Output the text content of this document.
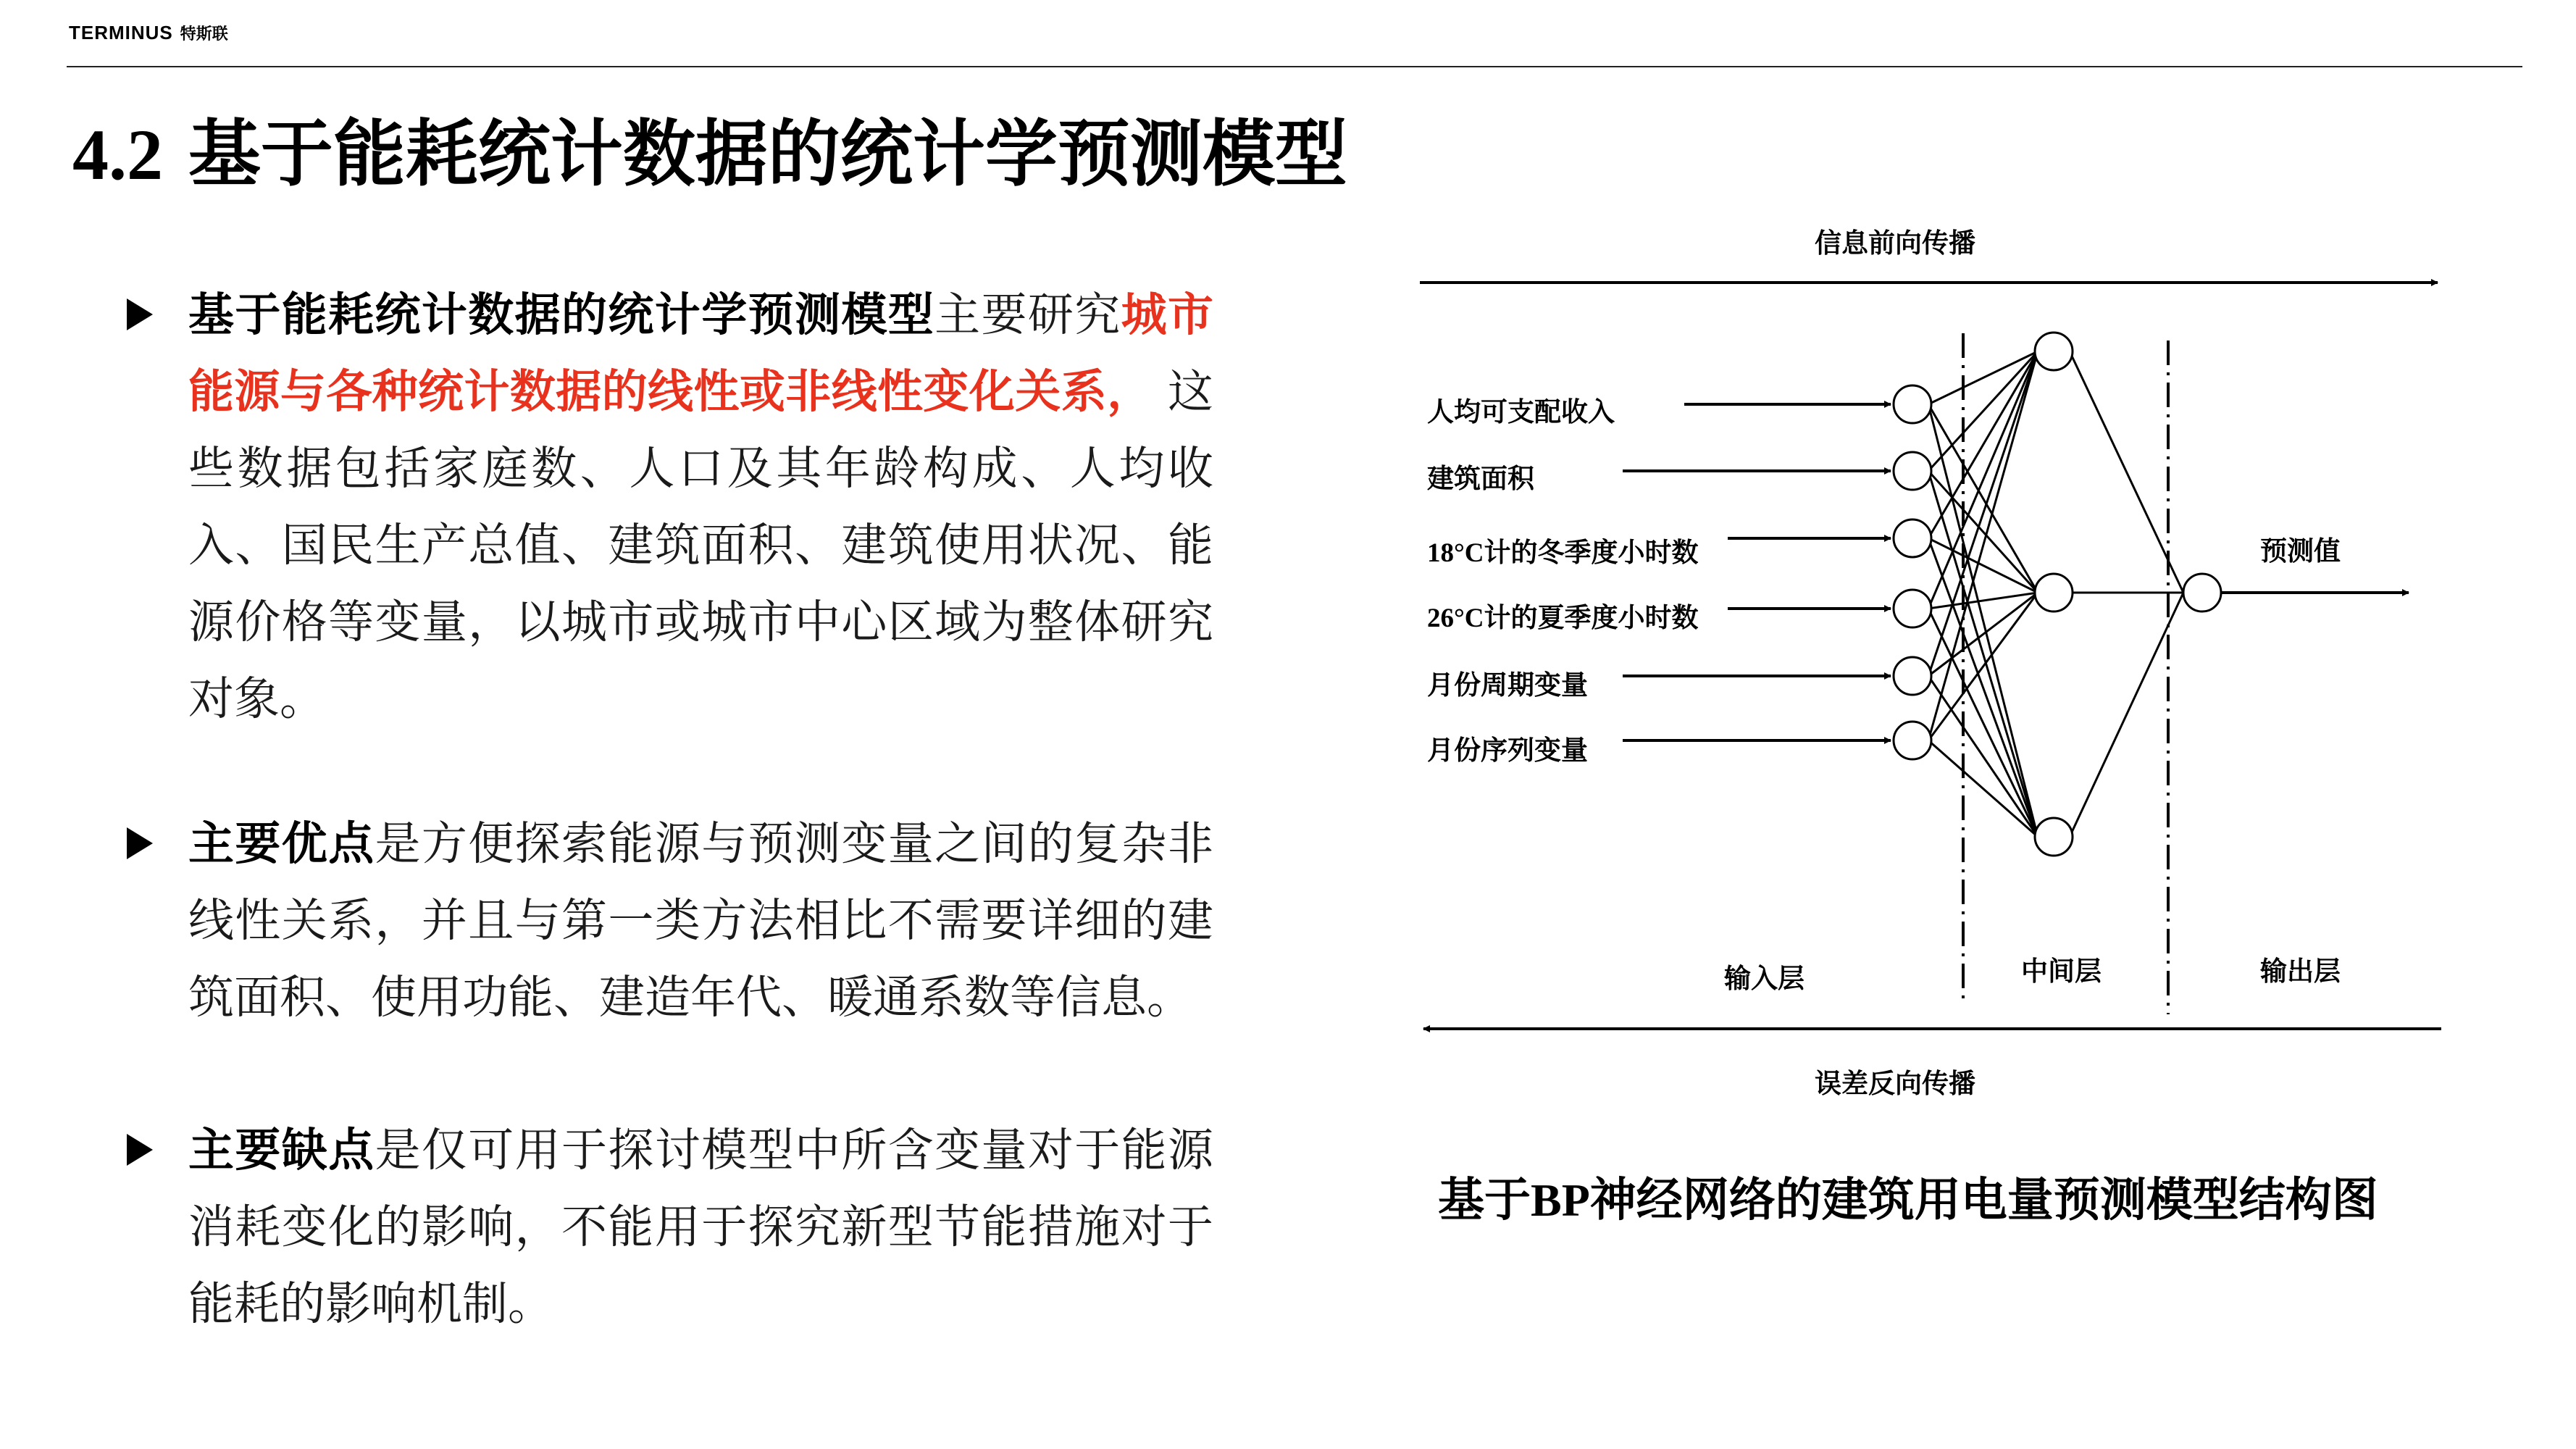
TERMINUS 特斯联
4.2 基于能耗统计数据的统计学预测模型
基于能耗统计数据的统计学预测模型主要研究城市能源与各种统计数据的线性或非线性变化关系， 这些数据包括家庭数、人口及其年龄构成、人均收入、国民生产总值、建筑面积、建筑使用状况、能源价格等变量，以城市或城市中心区域为整体研究对象。
主要优点是方便探索能源与预测变量之间的复杂非线性关系，并且与第一类方法相比不需要详细的建筑面积、使用功能、建造年代、暖通系数等信息。
主要缺点是仅可用于探讨模型中所含变量对于能源消耗变化的影响，不能用于探究新型节能措施对于能耗的影响机制。
信息前向传播
误差反向传播
人均可支配收入
建筑面积
18°C计的冬季度小时数
26°C计的夏季度小时数
月份周期变量
月份序列变量
预测值
输入层	中间层	输出层
基于BP神经网络的建筑用电量预测模型结构图
